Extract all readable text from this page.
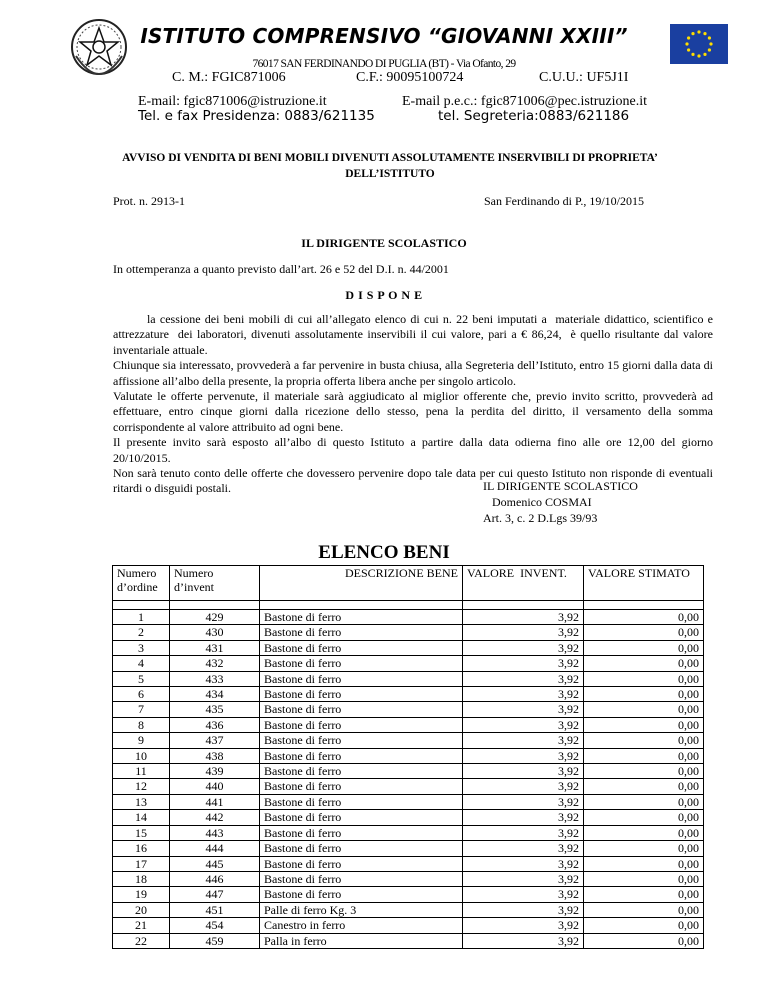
ISTITUTO COMPRENSIVO “GIOVANNI XXIII”
76017 SAN FERDINANDO DI PUGLIA (BT) - Via Ofanto, 29
C. M.: FGIC871006	C.F.: 90095100724	C.U.U.: UF5J1I
E-mail: fgic871006@istruzione.it	E-mail p.e.c.: fgic871006@pec.istruzione.it
Tel. e fax Presidenza: 0883/621135	tel. Segreteria:0883/621186
AVVISO DI VENDITA DI BENI MOBILI DIVENUTI ASSOLUTAMENTE INSERVIBILI DI PROPRIETA’
DELL’ISTITUTO
Prot. n. 2913-1	San Ferdinando di P., 19/10/2015
IL DIRIGENTE SCOLASTICO
In ottemperanza a quanto previsto dall’art. 26 e 52 del D.I. n. 44/2001
D I S P O N E

la cessione dei beni mobili di cui all’allegato elenco di cui n. 22 beni imputati a  materiale didattico, scientifico e attrezzature  dei laboratori, divenuti assolutamente inservibili il cui valore, pari a € 86,24,  è quello risultante dal valore inventariale attuale.

Chiunque sia interessato, provvederà a far pervenire in busta chiusa, alla Segreteria dell’Istituto, entro 15 giorni dalla data di affissione all’albo della presente, la propria offerta libera anche per singolo articolo.

Valutate le offerte pervenute, il materiale sarà aggiudicato al miglior offerente che, previo invito scritto, provvederà ad effettuare, entro cinque giorni dalla ricezione dello stesso, pena la perdita del diritto, il versamento della somma corrispondente al valore attribuito ad ogni bene.

Il presente invito sarà esposto all’albo di questo Istituto a partire dalla data odierna fino alle ore 12,00 del giorno 20/10/2015.

Non sarà tenuto conto delle offerte che dovessero pervenire dopo tale data per cui questo Istituto non risponde di eventuali ritardi o disguidi postali.	IL DIRIGENTE SCOLASTICO
Domenico COSMAI
Art. 3, c. 2 D.Lgs 39/93
ELENCO BENI
Numero d’ordine	Numero d’invent	DESCRIZIONE BENE	VALORE  INVENT.	VALORE STIMATO

1	429	Bastone di ferro	3,92	0,00
2	430	Bastone di ferro	3,92	0,00
3	431	Bastone di ferro	3,92	0,00
4	432	Bastone di ferro	3,92	0,00
5	433	Bastone di ferro	3,92	0,00
6	434	Bastone di ferro	3,92	0,00
7	435	Bastone di ferro	3,92	0,00
8	436	Bastone di ferro	3,92	0,00
9	437	Bastone di ferro	3,92	0,00
10	438	Bastone di ferro	3,92	0,00
11	439	Bastone di ferro	3,92	0,00
12	440	Bastone di ferro	3,92	0,00
13	441	Bastone di ferro	3,92	0,00
14	442	Bastone di ferro	3,92	0,00
15	443	Bastone di ferro	3,92	0,00
16	444	Bastone di ferro	3,92	0,00
17	445	Bastone di ferro	3,92	0,00
18	446	Bastone di ferro	3,92	0,00
19	447	Bastone di ferro	3,92	0,00
20	451	Palle di ferro Kg. 3	3,92	0,00
21	454	Canestro in ferro	3,92	0,00
22	459	Palla in ferro	3,92	0,00
